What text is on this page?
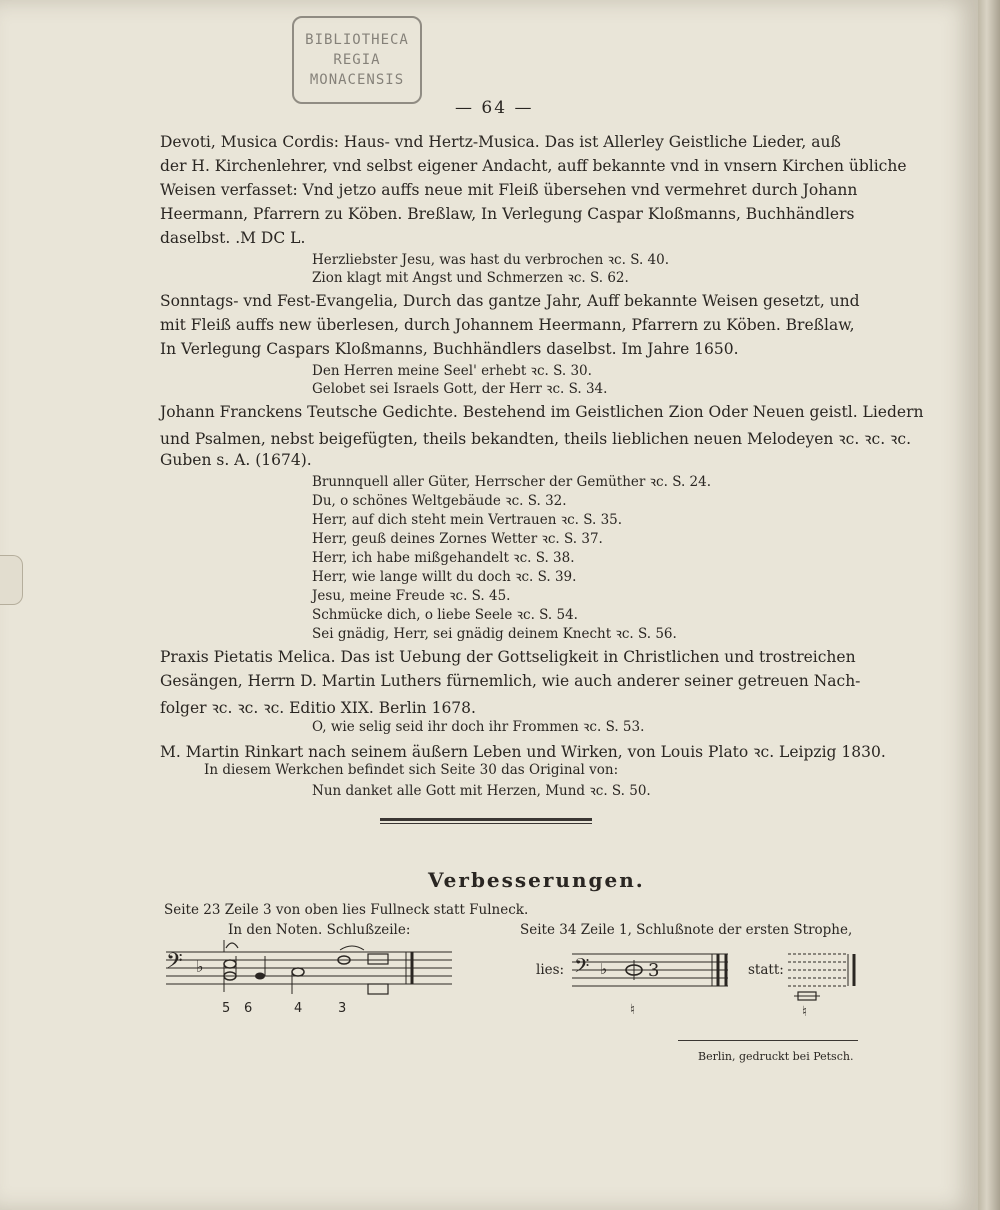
BIBLIOTHECA
REGIA
MONACENSIS
— 64 —
Devoti, Musica Cordis: Haus- vnd Hertz-Musica. Das ist Allerley Geistliche Lieder, auß
der H. Kirchenlehrer, vnd selbst eigener Andacht, auff bekannte vnd in vnsern Kirchen übliche
Weisen verfasset: Vnd jetzo auffs neue mit Fleiß übersehen vnd vermehret durch Johann
Heermann, Pfarrern zu Köben. Breßlaw, In Verlegung Caspar Kloßmanns, Buchhändlers
daselbst. .M DC L.
Herzliebster Jesu, was hast du verbrochen ꝛc. S. 40.
Zion klagt mit Angst und Schmerzen ꝛc. S. 62.
Sonntags- vnd Fest-Evangelia, Durch das gantze Jahr, Auff bekannte Weisen gesetzt, und
mit Fleiß auffs new überlesen, durch Johannem Heermann, Pfarrern zu Köben. Breßlaw,
In Verlegung Caspars Kloßmanns, Buchhändlers daselbst. Im Jahre 1650.
Den Herren meine Seel' erhebt ꝛc. S. 30.
Gelobet sei Israels Gott, der Herr ꝛc. S. 34.
Johann Franckens Teutsche Gedichte. Bestehend im Geistlichen Zion Oder Neuen geistl. Liedern
und Psalmen, nebst beigefügten, theils bekandten, theils lieblichen neuen Melodeyen ꝛc. ꝛc. ꝛc.
Guben s. A. (1674).
Brunnquell aller Güter, Herrscher der Gemüther ꝛc. S. 24.
Du, o schönes Weltgebäude ꝛc. S. 32.
Herr, auf dich steht mein Vertrauen ꝛc. S. 35.
Herr, geuß deines Zornes Wetter ꝛc. S. 37.
Herr, ich habe mißgehandelt ꝛc. S. 38.
Herr, wie lange willt du doch ꝛc. S. 39.
Jesu, meine Freude ꝛc. S. 45.
Schmücke dich, o liebe Seele ꝛc. S. 54.
Sei gnädig, Herr, sei gnädig deinem Knecht ꝛc. S. 56.
Praxis Pietatis Melica. Das ist Uebung der Gottseligkeit in Christlichen und trostreichen
Gesängen, Herrn D. Martin Luthers fürnemlich, wie auch anderer seiner getreuen Nach-
folger ꝛc. ꝛc. ꝛc. Editio XIX. Berlin 1678.
O, wie selig seid ihr doch ihr Frommen ꝛc. S. 53.
M. Martin Rinkart nach seinem äußern Leben und Wirken, von Louis Plato ꝛc. Leipzig 1830.
In diesem Werkchen befindet sich Seite 30 das Original von:
Nun danket alle Gott mit Herzen, Mund ꝛc. S. 50.
Verbesserungen.
Seite 23 Zeile 3 von oben lies Fullneck statt Fulneck.
In den Noten. Schlußzeile:	Seite 34 Zeile 1, Schlußnote der ersten Strophe,
𝄢 ♭
5 6	4	3
lies: 𝄢 ♭ 3
♮
statt:
♮
Berlin, gedruckt bei Petsch.
